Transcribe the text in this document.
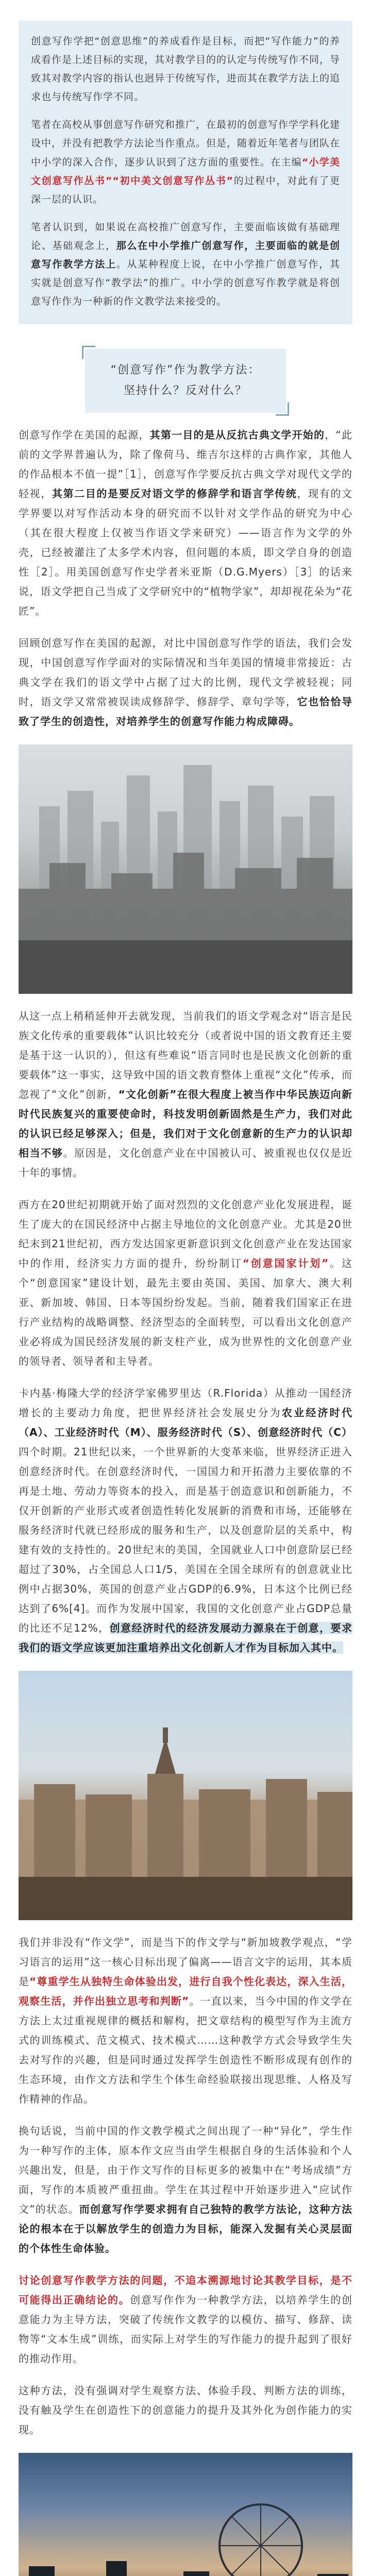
创意写作学把“创意思维”的养成看作是目标，而把“写作能力”的养成看作是上述目标的实现，其对教学目的的认定与传统写作不同，导致其对教学内容的指认也迥异于传统写作，进而其在教学方法上的追求也与传统写作学不同。

笔者在高校从事创意写作研究和推广，在最初的创意写作学学科化建设中，并没有把教学方法论当作重点。但是，随着近年笔者与团队在中小学的深入合作，逐步认识到了这方面的重要性。在主编“小学美文创意写作丛书”“初中美文创意写作丛书”的过程中，对此有了更深一层的认识。

笔者认识到，如果说在高校推广创意写作，主要面临该做有基础理论、基础观念上，那么在中小学推广创意写作，主要面临的就是创意写作教学方法上。从某种程度上说，在中小学推广创意写作，其实就是创意写作“教学法”的推广。中小学的创意写作教学就是将创意写作作为一种新的作文教学法来接受的。

“创意写作”作为教学方法：
坚持什么？反对什么？

创意写作学在美国的起源，其第一目的是从反抗古典文学开始的，“此前的文学界普遍认为，除了像荷马、维吉尔这样的古典作家，其他人的作品根本不值一提”［1］，创意写作学要反抗古典文学对现代文学的轻视，其第二目的是要反对语文学的修辞学和语言学传统，现有的文学界要以对写作活动本身的研究而不以针对文学作品的研究为中心（其在很大程度上仅被当作语文学来研究）——语言作为文学的外壳，已经被灌注了太多学术内容，但问题的本质，即文学自身的创造性［2］。用美国创意写作史学者米亚斯（D.G.Myers）［3］的话来说，语文学把自己当成了文学研究中的“植物学家”，却却视花朵为“花匠”。

回顾创意写作在美国的起源，对比中国创意写作学的语法，我们会发现，中国创意写作学面对的实际情况和当年美国的情境非常接近：古典文学在我们的语文学中占据了过大的比例，现代文学被轻视；同时，语文学又常常被误读成修辞学、修辞学、章句学等，它也恰恰导致了学生的创造性，对培养学生的创意写作能力构成障碍。

从这一点上稍稍延伸开去就发现，当前我们的语文学观念对“语言是民族文化传承的重要载体”认识比较充分（或者说中国的语文教育还主要是基于这一认识的），但这有些难说“语言同时也是民族文化创新的重要载体”这一事实，这导致中国的语文教育整体上重视“文化”传承，而忽视了“文化”创新，“文化创新”在很大程度上被当作中华民族迈向新时代民族复兴的重要使命时，科技发明创新固然是生产力，我们对此的认识已经足够深入；但是，我们对于文化创意新的生产力的认识却相当不够。原因是，文化创意产业在中国被认可、被重视也仅仅是近十年的事情。

西方在20世纪初期就开始了面对烈烈的文化创意产业化发展进程，诞生了庞大的在国民经济中占据主导地位的文化创意产业。尤其是20世纪末到21世纪初，西方发达国家更新意识到文化创意产业在发达国家中的作用，经济实力方面的提升，纷纷制订“创意国家计划”。这个“创意国家”建设计划，最先主要由英国、美国、加拿大、澳大利亚、新加坡、韩国、日本等国纷纷发起。当前，随着我们国家正在进行产业结构的战略调整、经济型态的全面转型，可以看出文化创意产业必将成为国民经济发展的新支柱产业，成为世界性的文化创意产业的领导者、领导者和主导者。

卡内基·梅隆大学的经济学家佛罗里达（R.Florida）从推动一国经济增长的主要动力角度，把世界经济社会发展史分为农业经济时代（A）、工业经济时代（M）、服务经济时代（S）、创意经济时代（C）四个时期。21世纪以来，一个世界新的大变革来临，世界经济正进入创意经济时代。在创意经济时代，一国国力和开拓潜力主要依靠的不再是土地、劳动力等资本的投入，而是基于创造意识和创新能力，不仅开创新的产业形式或者创造性转化发展新的消费和市场，还能够在服务经济时代就已经形成的服务和生产，以及创意阶层的关系中，构建有效的支持性的。20世纪末的美国，全国就业人口中创意阶层已经超过了30%，占全国总人口1/5，美国在全国全球所有的创意就业比例中占据30%，英国的创意产业占GDP的6.9%，日本这个比例已经达到了6%[4]。而作为发展中国家，我国的文化创意产业占GDP总量的比还不足12%，创意经济时代的经济发展动力源泉在于创意，要求我们的语文学应该更加注重培养出文化创新人才作为目标加入其中。

我们并非没有“作文学”，而是当下的作文学与“新加坡教学观点，“学习语言的运用”这一核心目标出现了偏离——语言文字的运用，其本质是“尊重学生从独特生命体验出发，进行自我个性化表达，深入生活，观察生活，并作出独立思考和判断”。一直以来，当今中国的作文学在方法上太过重视规律的概括和解构，把文章结构的模型写作为主流方式的训练模式、范文模式、技术模式……这种教学方式会导致学生失去对写作的兴趣，但是同时通过发挥学生创造性不断形成现有创作的生态环境，由作文方法和学生个体生命经验联接出现思维、人格及写作精神的作品。

换句话说，当前中国的作文教学模式之间出现了一种“异化”，学生作为一种写作的主体，原本作文应当由学生根据自身的生活体验和个人兴趣出发，但是，由于作文写作的目标更多的被集中在“考场成绩”方面，写作的本质被严重扭曲。学生在其过程中开始逐步进入“应试作文”的状态。而创意写作学要求拥有自己独特的教学方法论，这种方法论的根本在于以解放学生的创造力为目标，能深入发掘有关心灵层面的个体性生命体验。

讨论创意写作教学方法的问题，不追本溯源地讨论其教学目标，是不可能得出正确结论的。创意写作作为一种教学方法，以培养学生的创意能力为主导方法，突破了传统作文教学的以模仿、描写、修辞、读物等“文本生成”训练，而实际上对学生的写作能力的提升起到了很好的推动作用。

这种方法，没有强调对学生观察方法、体验手段、判断方法的训练，没有触及学生在创造性下的创意能力的提升及其外化为创作能力的实现。
